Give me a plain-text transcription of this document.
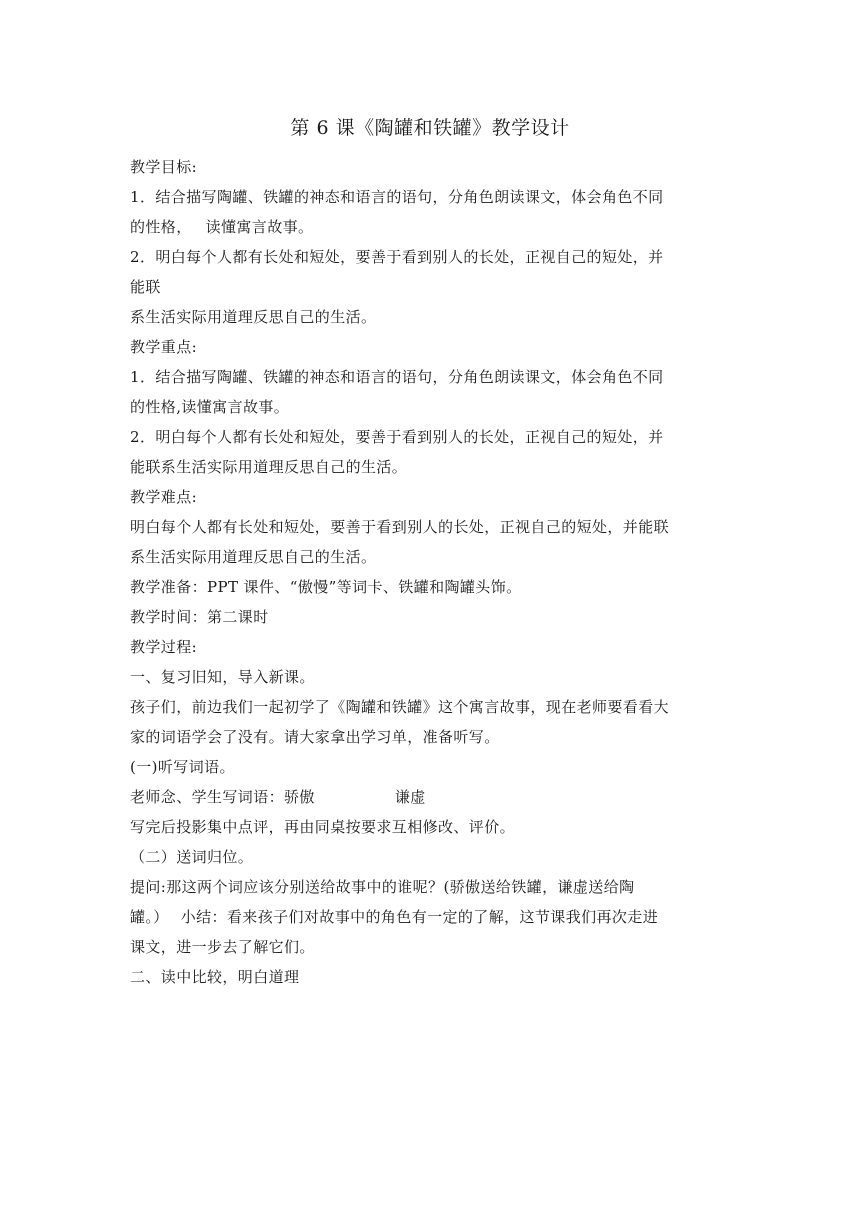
第 6 课《陶罐和铁罐》教学设计
教学目标:
1．结合描写陶罐、铁罐的神态和语言的语句，分角色朗读课文，体会角色不同
的性格， 读懂寓言故事。
2．明白每个人都有长处和短处，要善于看到别人的长处，正视自己的短处，并
能联
系生活实际用道理反思自己的生活。
教学重点:
1．结合描写陶罐、铁罐的神态和语言的语句，分角色朗读课文，体会角色不同
的性格,读懂寓言故事。
2．明白每个人都有长处和短处，要善于看到别人的长处，正视自己的短处，并
能联系生活实际用道理反思自己的生活。
教学难点:
明白每个人都有长处和短处，要善于看到别人的长处，正视自己的短处，并能联
系生活实际用道理反思自己的生活。
教学准备：PPT 课件、“傲慢”等词卡、铁罐和陶罐头饰。
教学时间：第二课时
教学过程:
一、复习旧知，导入新课。
孩子们，前边我们一起初学了《陶罐和铁罐》这个寓言故事，现在老师要看看大
家的词语学会了没有。请大家拿出学习单，准备听写。
(一)听写词语。
老师念、学生写词语：骄傲	谦虚
写完后投影集中点评，再由同桌按要求互相修改、评价。
（二）送词归位。
提问:那这两个词应该分别送给故事中的谁呢？(骄傲送给铁罐，谦虚送给陶
罐。） 小结：看来孩子们对故事中的角色有一定的了解，这节课我们再次走进
课文，进一步去了解它们。
二、读中比较，明白道理
